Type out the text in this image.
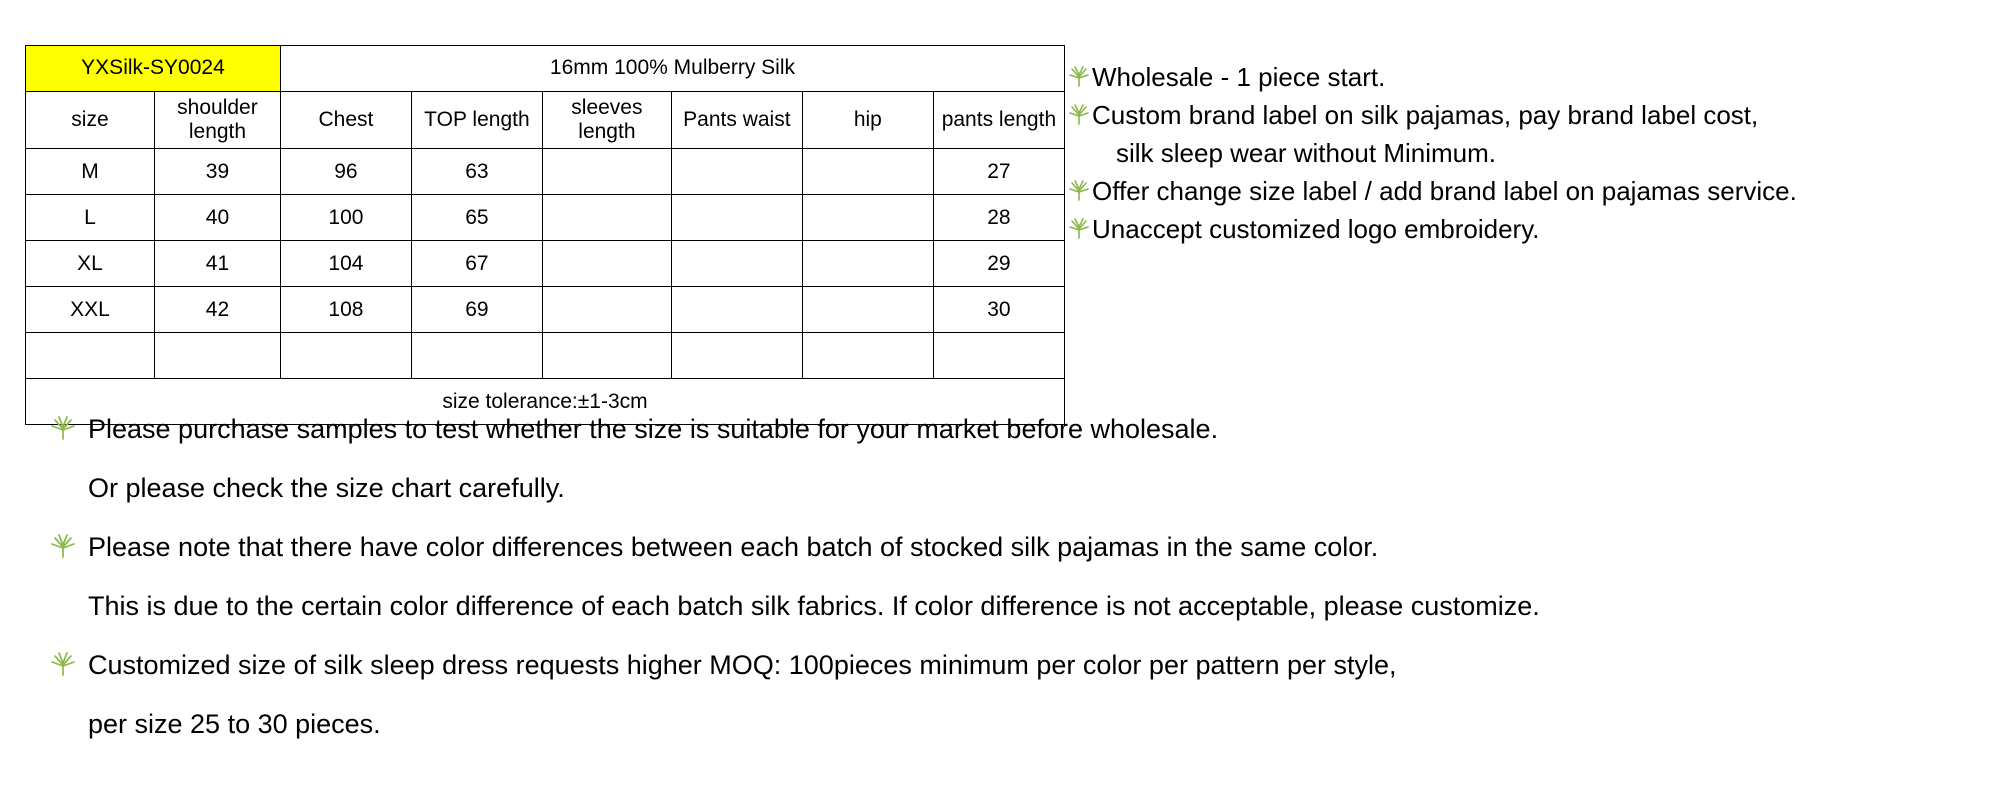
YXSilk-SY0024		16mm 100% Mulberry Silk					
size	shoulder length	Chest	TOP length	sleeves length	Pants waist	hip	pants length
M	39	96	63				27
L	40	100	65				28
XL	41	104	67				29
XXL	42	108	69				30

size tolerance:±1-3cm							
Wholesale - 1 piece start.
Custom brand label on silk pajamas, pay brand label cost,
silk sleep wear without Minimum.
Offer change size label / add brand label on pajamas service.
Unaccept customized logo embroidery.
Please purchase samples to test whether the size is suitable for your market before wholesale.
Or please check the size chart carefully.
Please note that there have color differences between each batch of stocked silk pajamas in the same color.
This is due to the certain color difference of each batch silk fabrics. If color difference is not acceptable, please customize.
Customized size of silk sleep dress requests higher MOQ: 100pieces minimum per color per pattern per style,
per size 25 to 30 pieces.
